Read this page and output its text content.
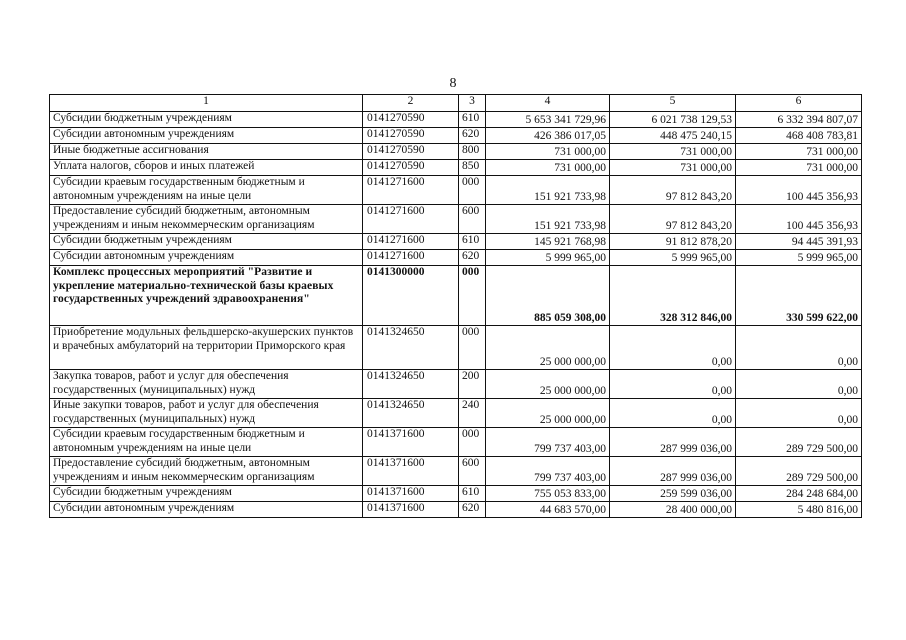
8
1	2	3	4	5	6
Субсидии бюджетным учреждениям	0141270590	610	5 653 341 729,96	6 021 738 129,53	6 332 394 807,07
Субсидии автономным учреждениям	0141270590	620	426 386 017,05	448 475 240,15	468 408 783,81
Иные бюджетные ассигнования	0141270590	800	731 000,00	731 000,00	731 000,00
Уплата налогов, сборов и иных платежей	0141270590	850	731 000,00	731 000,00	731 000,00
Субсидии краевым государственным бюджетным и автономным учреждениям на иные цели	0141271600	000	151 921 733,98	97 812 843,20	100 445 356,93
Предоставление субсидий бюджетным, автономным учреждениям и иным некоммерческим организациям	0141271600	600	151 921 733,98	97 812 843,20	100 445 356,93
Субсидии бюджетным учреждениям	0141271600	610	145 921 768,98	91 812 878,20	94 445 391,93
Субсидии автономным учреждениям	0141271600	620	5 999 965,00	5 999 965,00	5 999 965,00
Комплекс процессных мероприятий "Развитие и укрепление материально-технической базы краевых государственных учреждений здравоохранения"	0141300000	000	885 059 308,00	328 312 846,00	330 599 622,00
Приобретение модульных фельдшерско-акушерских пунктов и врачебных амбулаторий на территории Приморского края	0141324650	000	25 000 000,00	0,00	0,00
Закупка товаров, работ и услуг для обеспечения государственных (муниципальных) нужд	0141324650	200	25 000 000,00	0,00	0,00
Иные закупки товаров, работ и услуг для обеспечения государственных (муниципальных) нужд	0141324650	240	25 000 000,00	0,00	0,00
Субсидии краевым государственным бюджетным и автономным учреждениям на иные цели	0141371600	000	799 737 403,00	287 999 036,00	289 729 500,00
Предоставление субсидий бюджетным, автономным учреждениям и иным некоммерческим организациям	0141371600	600	799 737 403,00	287 999 036,00	289 729 500,00
Субсидии бюджетным учреждениям	0141371600	610	755 053 833,00	259 599 036,00	284 248 684,00
Субсидии автономным учреждениям	0141371600	620	44 683 570,00	28 400 000,00	5 480 816,00
